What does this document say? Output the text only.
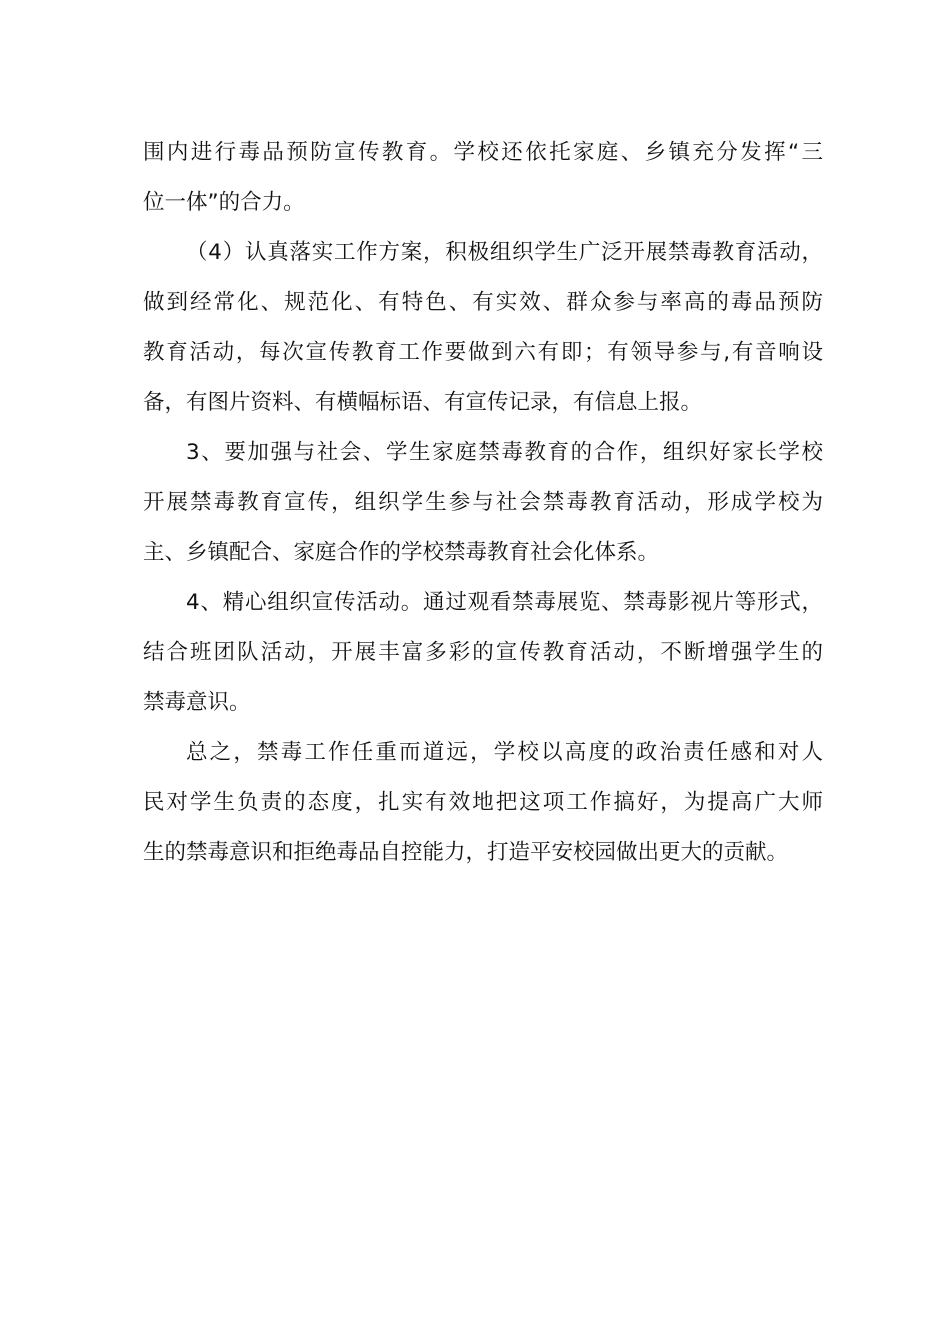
围内进行毒品预防宣传教育。学校还依托家庭、乡镇充分发挥“三
位一体”的合力。
（4）认真落实工作方案，积极组织学生广泛开展禁毒教育活动，
做到经常化、规范化、有特色、有实效、群众参与率高的毒品预防
教育活动，每次宣传教育工作要做到六有即；有领导参与,有音响设
备，有图片资料、有横幅标语、有宣传记录，有信息上报。
3、要加强与社会、学生家庭禁毒教育的合作，组织好家长学校
开展禁毒教育宣传，组织学生参与社会禁毒教育活动，形成学校为
主、乡镇配合、家庭合作的学校禁毒教育社会化体系。
4、精心组织宣传活动。通过观看禁毒展览、禁毒影视片等形式，
结合班团队活动，开展丰富多彩的宣传教育活动，不断增强学生的
禁毒意识。
总之，禁毒工作任重而道远，学校以高度的政治责任感和对人
民对学生负责的态度，扎实有效地把这项工作搞好，为提高广大师
生的禁毒意识和拒绝毒品自控能力，打造平安校园做出更大的贡献。
